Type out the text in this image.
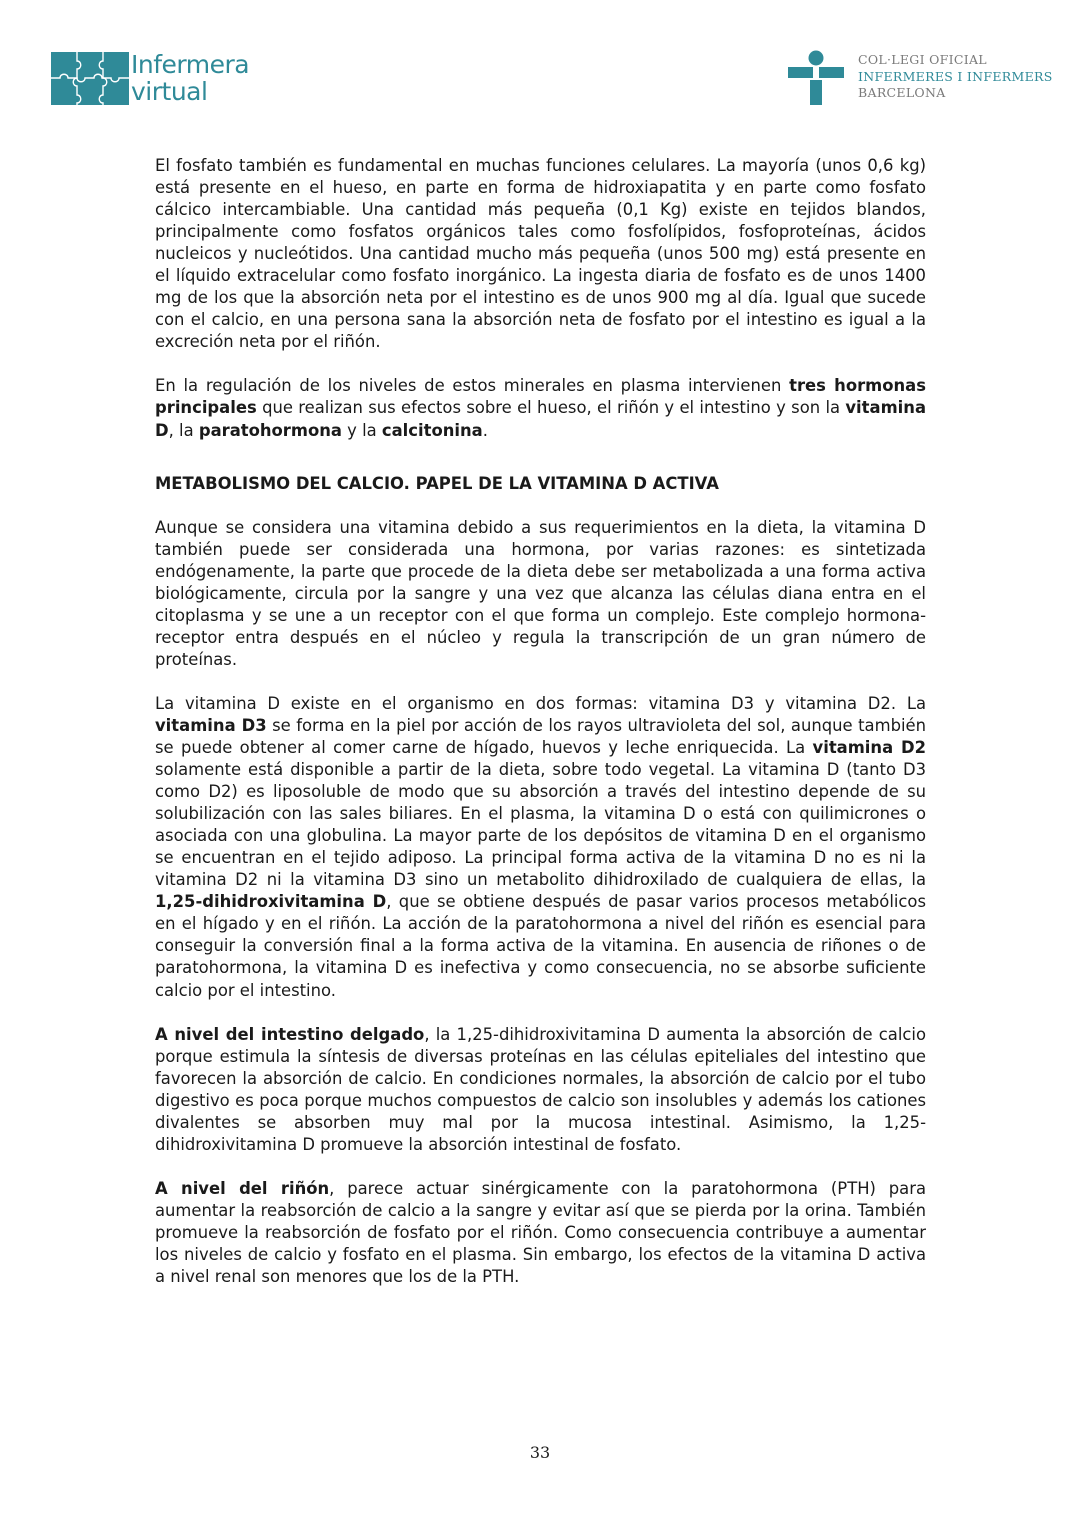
Infermera
virtual
COL·LEGI OFICIAL
INFERMERES I INFERMERS
BARCELONA

El fosfato también es fundamental en muchas funciones celulares. La mayoría (unos 0,6 kg) está presente en el hueso, en parte en forma de hidroxiapatita y en parte como fosfato cálcico intercambiable. Una cantidad más pequeña (0,1 Kg) existe en tejidos blandos, principalmente como fosfatos orgánicos tales como fosfolípidos, fosfoproteínas, ácidos nucleicos y nucleótidos. Una cantidad mucho más pequeña (unos 500 mg) está presente en el líquido extracelular como fosfato inorgánico. La ingesta diaria de fosfato es de unos 1400 mg de los que la absorción neta por el intestino es de unos 900 mg al día. Igual que sucede con el calcio, en una persona sana la absorción neta de fosfato por el intestino es igual a la excreción neta por el riñón.

En la regulación de los niveles de estos minerales en plasma intervienen tres hormonas principales que realizan sus efectos sobre el hueso, el riñón y el intestino y son la vitamina D, la paratohormona y la calcitonina.

METABOLISMO DEL CALCIO. PAPEL DE LA VITAMINA D ACTIVA

Aunque se considera una vitamina debido a sus requerimientos en la dieta, la vitamina D también puede ser considerada una hormona, por varias razones: es sintetizada endógenamente, la parte que procede de la dieta debe ser metabolizada a una forma activa biológicamente, circula por la sangre y una vez que alcanza las células diana entra en el citoplasma y se une a un receptor con el que forma un complejo. Este complejo hormona-receptor entra después en el núcleo y regula la transcripción de un gran número de proteínas.

La vitamina D existe en el organismo en dos formas: vitamina D3 y vitamina D2. La vitamina D3 se forma en la piel por acción de los rayos ultravioleta del sol, aunque también se puede obtener al comer carne de hígado, huevos y leche enriquecida. La vitamina D2 solamente está disponible a partir de la dieta, sobre todo vegetal. La vitamina D (tanto D3 como D2) es liposoluble de modo que su absorción a través del intestino depende de su solubilización con las sales biliares. En el plasma, la vitamina D o está con quilimicrones o asociada con una globulina. La mayor parte de los depósitos de vitamina D en el organismo se encuentran en el tejido adiposo. La principal forma activa de la vitamina D no es ni la vitamina D2 ni la vitamina D3 sino un metabolito dihidroxilado de cualquiera de ellas, la 1,25-dihidroxivitamina D, que se obtiene después de pasar varios procesos metabólicos en el hígado y en el riñón. La acción de la paratohormona a nivel del riñón es esencial para conseguir la conversión final a la forma activa de la vitamina. En ausencia de riñones o de paratohormona, la vitamina D es inefectiva y como consecuencia, no se absorbe suficiente calcio por el intestino.

A nivel del intestino delgado, la 1,25-dihidroxivitamina D aumenta la absorción de calcio porque estimula la síntesis de diversas proteínas en las células epiteliales del intestino que favorecen la absorción de calcio. En condiciones normales, la absorción de calcio por el tubo digestivo es poca porque muchos compuestos de calcio son insolubles y además los cationes divalentes se absorben muy mal por la mucosa intestinal. Asimismo, la 1,25-dihidroxivitamina D promueve la absorción intestinal de fosfato.

A nivel del riñón, parece actuar sinérgicamente con la paratohormona (PTH) para aumentar la reabsorción de calcio a la sangre y evitar así que se pierda por la orina. También promueve la reabsorción de fosfato por el riñón. Como consecuencia contribuye a aumentar los niveles de calcio y fosfato en el plasma. Sin embargo, los efectos de la vitamina D activa a nivel renal son menores que los de la PTH.

33
